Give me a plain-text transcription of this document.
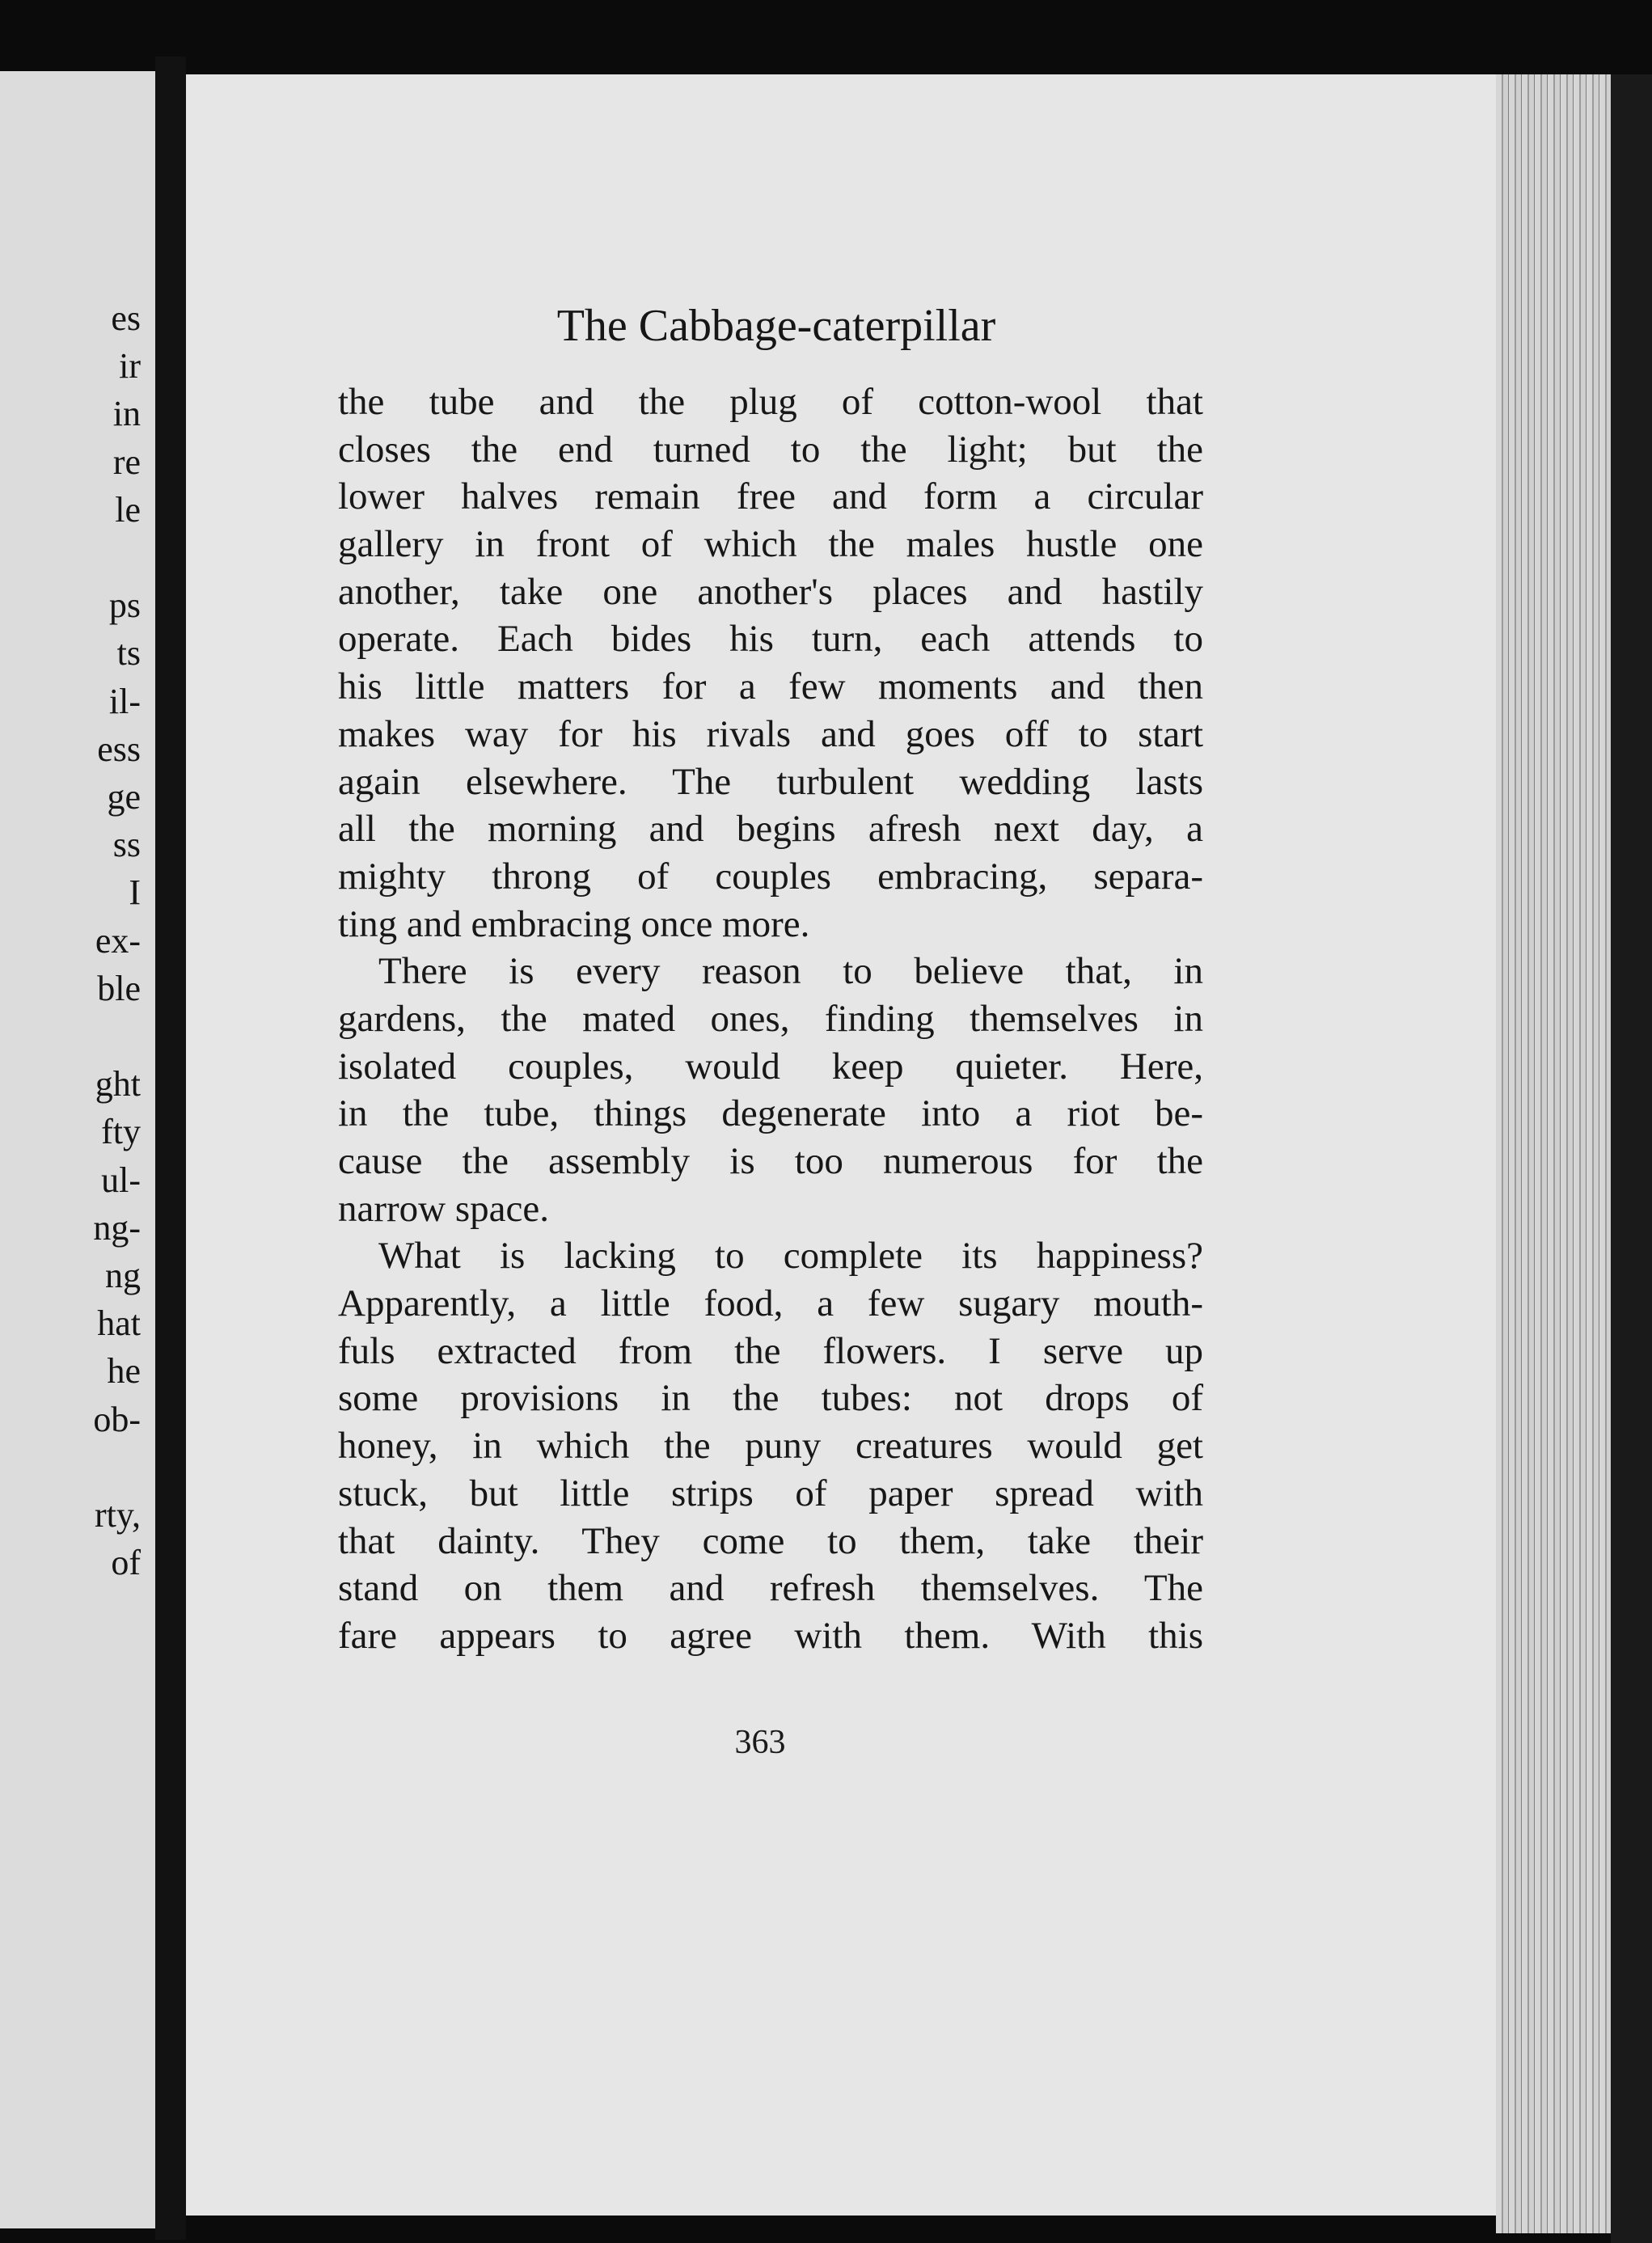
es
ir
in
re
le
ps
ts
il-
ess
ge
ss
I
ex-
ble
ght
fty
ul-
ng-
ng
hat
he
ob-
rty,
of
The Cabbage-caterpillar
the tube and the plug of cotton-wool that
closes the end turned to the light; but the
lower halves remain free and form a circular
gallery in front of which the males hustle one
another, take one another's places and hastily
operate. Each bides his turn, each attends to
his little matters for a few moments and then
makes way for his rivals and goes off to start
again elsewhere. The turbulent wedding lasts
all the morning and begins afresh next day, a
mighty throng of couples embracing, separa-
ting and embracing once more.
There is every reason to believe that, in
gardens, the mated ones, finding themselves in
isolated couples, would keep quieter. Here,
in the tube, things degenerate into a riot be-
cause the assembly is too numerous for the
narrow space.
What is lacking to complete its happiness?
Apparently, a little food, a few sugary mouth-
fuls extracted from the flowers. I serve up
some provisions in the tubes: not drops of
honey, in which the puny creatures would get
stuck, but little strips of paper spread with
that dainty. They come to them, take their
stand on them and refresh themselves. The
fare appears to agree with them. With this
363
